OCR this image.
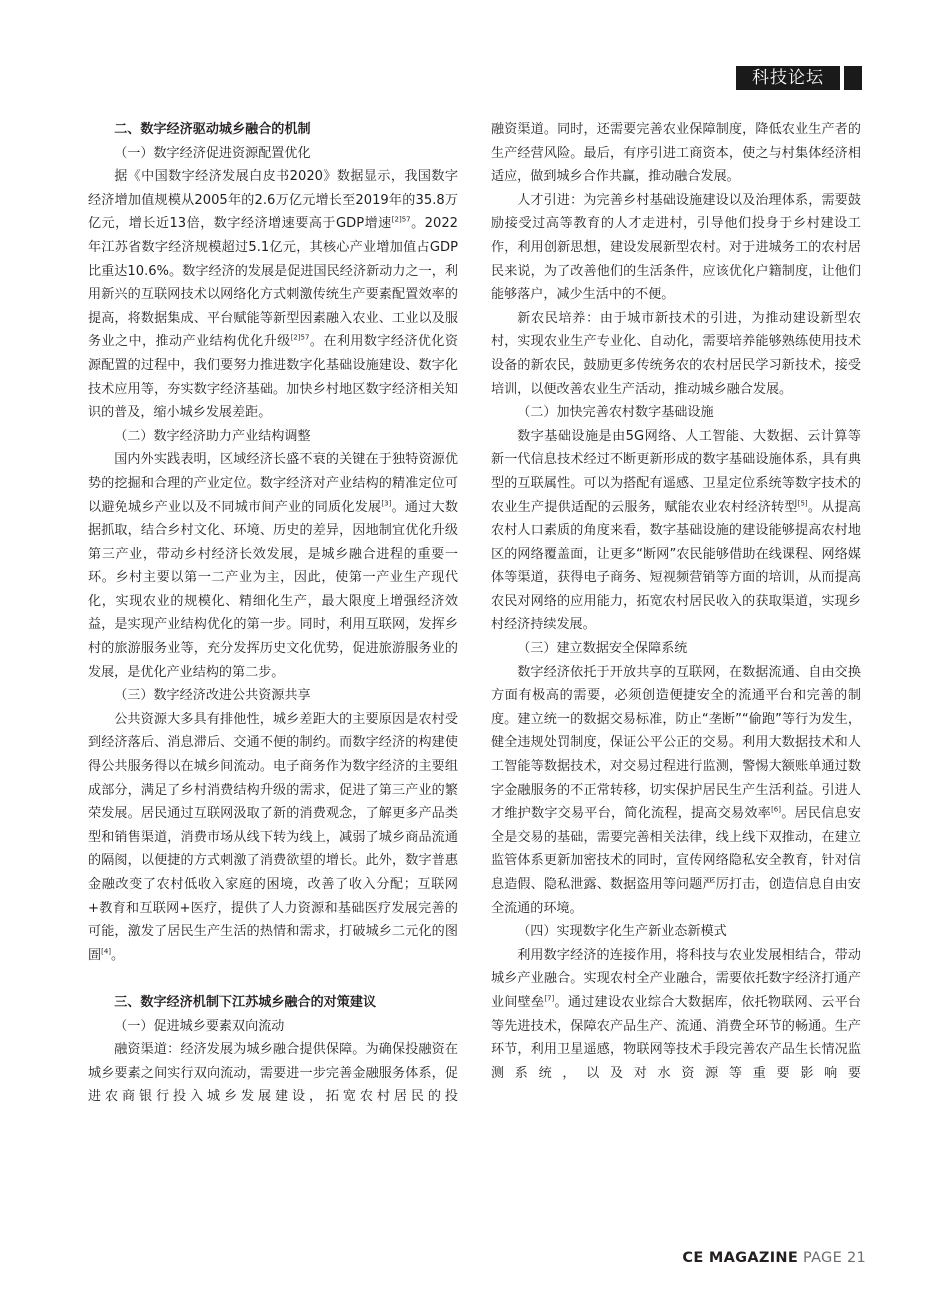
科技论坛
二、数字经济驱动城乡融合的机制
（一）数字经济促进资源配置优化

据《中国数字经济发展白皮书2020》数据显示，我国数字经济增加值规模从2005年的2.6万亿元增长至2019年的35.8万亿元，增长近13倍，数字经济增速要高于GDP增速$^{[2]57}$。2022年江苏省数字经济规模超过5.1亿元，其核心产业增加值占GDP比重达10.6%。数字经济的发展是促进国民经济新动力之一，利用新兴的互联网技术以网络化方式刺激传统生产要素配置效率的提高，将数据集成、平台赋能等新型因素融入农业、工业以及服务业之中，推动产业结构优化升级$^{[2]57}$。在利用数字经济优化资源配置的过程中，我们要努力推进数字化基础设施建设、数字化技术应用等，夯实数字经济基础。加快乡村地区数字经济相关知识的普及，缩小城乡发展差距。

（二）数字经济助力产业结构调整

国内外实践表明，区域经济长盛不衰的关键在于独特资源优势的挖掘和合理的产业定位。数字经济对产业结构的精准定位可以避免城乡产业以及不同城市间产业的同质化发展[3]。通过大数据抓取，结合乡村文化、环境、历史的差异，因地制宜优化升级第三产业，带动乡村经济长效发展，是城乡融合进程的重要一环。乡村主要以第一二产业为主，因此，使第一产业生产现代化，实现农业的规模化、精细化生产，最大限度上增强经济效益，是实现产业结构优化的第一步。同时，利用互联网，发挥乡村的旅游服务业等，充分发挥历史文化优势，促进旅游服务业的发展，是优化产业结构的第二步。

（三）数字经济改进公共资源共享

公共资源大多具有排他性，城乡差距大的主要原因是农村受到经济落后、消息滞后、交通不便的制约。而数字经济的构建使得公共服务得以在城乡间流动。电子商务作为数字经济的主要组成部分，满足了乡村消费结构升级的需求，促进了第三产业的繁荣发展。居民通过互联网汲取了新的消费观念，了解更多产品类型和销售渠道，消费市场从线下转为线上，减弱了城乡商品流通的隔阂，以便捷的方式刺激了消费欲望的增长。此外，数字普惠金融改变了农村低收入家庭的困境，改善了收入分配；互联网+教育和互联网+医疗，提供了人力资源和基础医疗发展完善的可能，激发了居民生产生活的热情和需求，打破城乡二元化的图圄[4]。

三、数字经济机制下江苏城乡融合的对策建议
（一）促进城乡要素双向流动

融资渠道：经济发展为城乡融合提供保障。为确保投融资在城乡要素之间实行双向流动，需要进一步完善金融服务体系，促进农商银行投入城乡发展建设，拓宽农村居民的投

融资渠道。同时，还需要完善农业保障制度，降低农业生产者的生产经营风险。最后，有序引进工商资本，使之与村集体经济相适应，做到城乡合作共赢，推动融合发展。

人才引进：为完善乡村基础设施建设以及治理体系，需要鼓励接受过高等教育的人才走进村，引导他们投身于乡村建设工作，利用创新思想，建设发展新型农村。对于进城务工的农村居民来说，为了改善他们的生活条件，应该优化户籍制度，让他们能够落户，减少生活中的不便。

新农民培养：由于城市新技术的引进，为推动建设新型农村，实现农业生产专业化、自动化，需要培养能够熟练使用技术设备的新农民，鼓励更多传统务农的农村居民学习新技术，接受培训，以便改善农业生产活动，推动城乡融合发展。

（二）加快完善农村数字基础设施

数字基础设施是由5G网络、人工智能、大数据、云计算等新一代信息技术经过不断更新形成的数字基础设施体系，具有典型的互联属性。可以为搭配有遥感、卫星定位系统等数字技术的农业生产提供适配的云服务，赋能农业农村经济转型[5]。从提高农村人口素质的角度来看，数字基础设施的建设能够提高农村地区的网络覆盖面，让更多“断网”农民能够借助在线课程、网络媒体等渠道，获得电子商务、短视频营销等方面的培训，从而提高农民对网络的应用能力，拓宽农村居民收入的获取渠道，实现乡村经济持续发展。

（三）建立数据安全保障系统

数字经济依托于开放共享的互联网，在数据流通、自由交换方面有极高的需要，必须创造便捷安全的流通平台和完善的制度。建立统一的数据交易标准，防止“垄断”“偷跑”等行为发生，健全违规处罚制度，保证公平公正的交易。利用大数据技术和人工智能等数据技术，对交易过程进行监测，警惕大额账单通过数字金融服务的不正常转移，切实保护居民生产生活利益。引进人才维护数字交易平台，简化流程，提高交易效率[6]。居民信息安全是交易的基础，需要完善相关法律，线上线下双推动，在建立监管体系更新加密技术的同时，宣传网络隐私安全教育，针对信息造假、隐私泄露、数据盗用等问题严厉打击，创造信息自由安全流通的环境。

（四）实现数字化生产新业态新模式

利用数字经济的连接作用，将科技与农业发展相结合，带动城乡产业融合。实现农村全产业融合，需要依托数字经济打通产业间壁垒[7]。通过建设农业综合大数据库，依托物联网、云平台等先进技术，保障农产品生产、流通、消费全环节的畅通。生产环节，利用卫星遥感，物联网等技术手段完善农产品生长情况监测系统，以及对水资源等重要影响要

CE MAGAZINE PAGE 21
